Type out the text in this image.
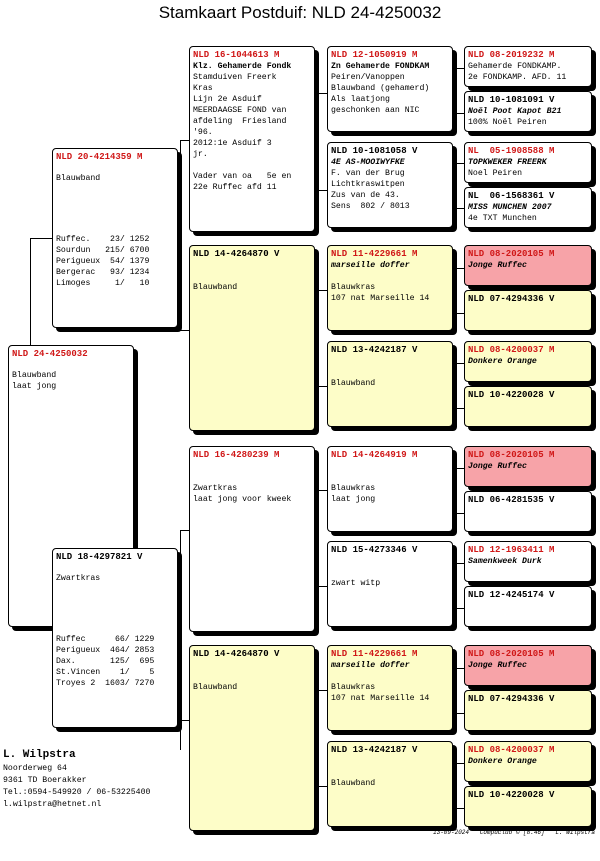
Stamkaart Postduif: NLD 24-4250032
NLD 24-4250032
Blauwband
laat jong
NLD 20-4214359 M
Blauwband
Ruffec.    23/ 1252
Sourdun   215/ 6700
Perigueux  54/ 1379
Bergerac   93/ 1234
Limoges     1/   10
NLD 18-4297821 V
Zwartkras
Ruffec      66/ 1229
Perigueux  464/ 2853
Dax.       125/  695
St.Vincen    1/    5
Troyes 2  1603/ 7270
NLD 16-1044613 M
Klz. Gehamerde Fondk
Stamduiven Freerk
Kras
Lijn 2e Asduif
MEERDAAGSE FOND van
afdeling  Friesland
'96.
2012:1e Asduif 3
jr.

Vader van oa   5e en
22e Ruffec afd 11
NLD 14-4264870 V

Blauwband
NLD 16-4280239 M

Zwartkras
laat jong voor kweek
NLD 14-4264870 V

Blauwband
NLD 12-1050919 M
Zn Gehamerde FONDKAM
Peiren/Vanoppen
Blauwband (gehamerd)
Als laatjong
geschonken aan NIC
NLD 10-1081058 V
4E AS-MOOIWYFKE
F. van der Brug
Lichtkraswitpen
Zus van de 43.
Sens  802 / 8013
NLD 11-4229661 M
marseille doffer

Blauwkras
107 nat Marseille 14
NLD 13-4242187 V

Blauwband
NLD 14-4264919 M

Blauwkras
laat jong
NLD 15-4273346 V

zwart witp
NLD 11-4229661 M
marseille doffer

Blauwkras
107 nat Marseille 14
NLD 13-4242187 V

Blauwband
NLD 08-2019232 M
Gehamerde FONDKAMP.
2e FONDKAMP. AFD. 11
NLD 10-1081091 V
Noël Poot Kapot B21
100% Noël Peiren
NL  05-1908588 M
TOPKWEKER FREERK
Noel Peiren
NL  06-1568361 V
MISS MUNCHEN 2007
4e TXT Munchen
NLD 08-2020105 M
Jonge Ruffec
NLD 07-4294336 V
NLD 08-4200037 M
Donkere Orange
NLD 10-4220028 V
NLD 08-2020105 M
Jonge Ruffec
NLD 06-4281535 V
NLD 12-1963411 M
Samenkweek Durk
NLD 12-4245174 V
NLD 08-2020105 M
Jonge Ruffec
NLD 07-4294336 V
NLD 08-4200037 M
Donkere Orange
NLD 10-4220028 V
L. Wilpstra
Noorderweg 64
9361 TD Boerakker
Tel.:0594-549920 / 06-53225400
l.wilpstra@hetnet.nl
13-09-2024   Compuclub © [8.46]   L. Wilpstra
